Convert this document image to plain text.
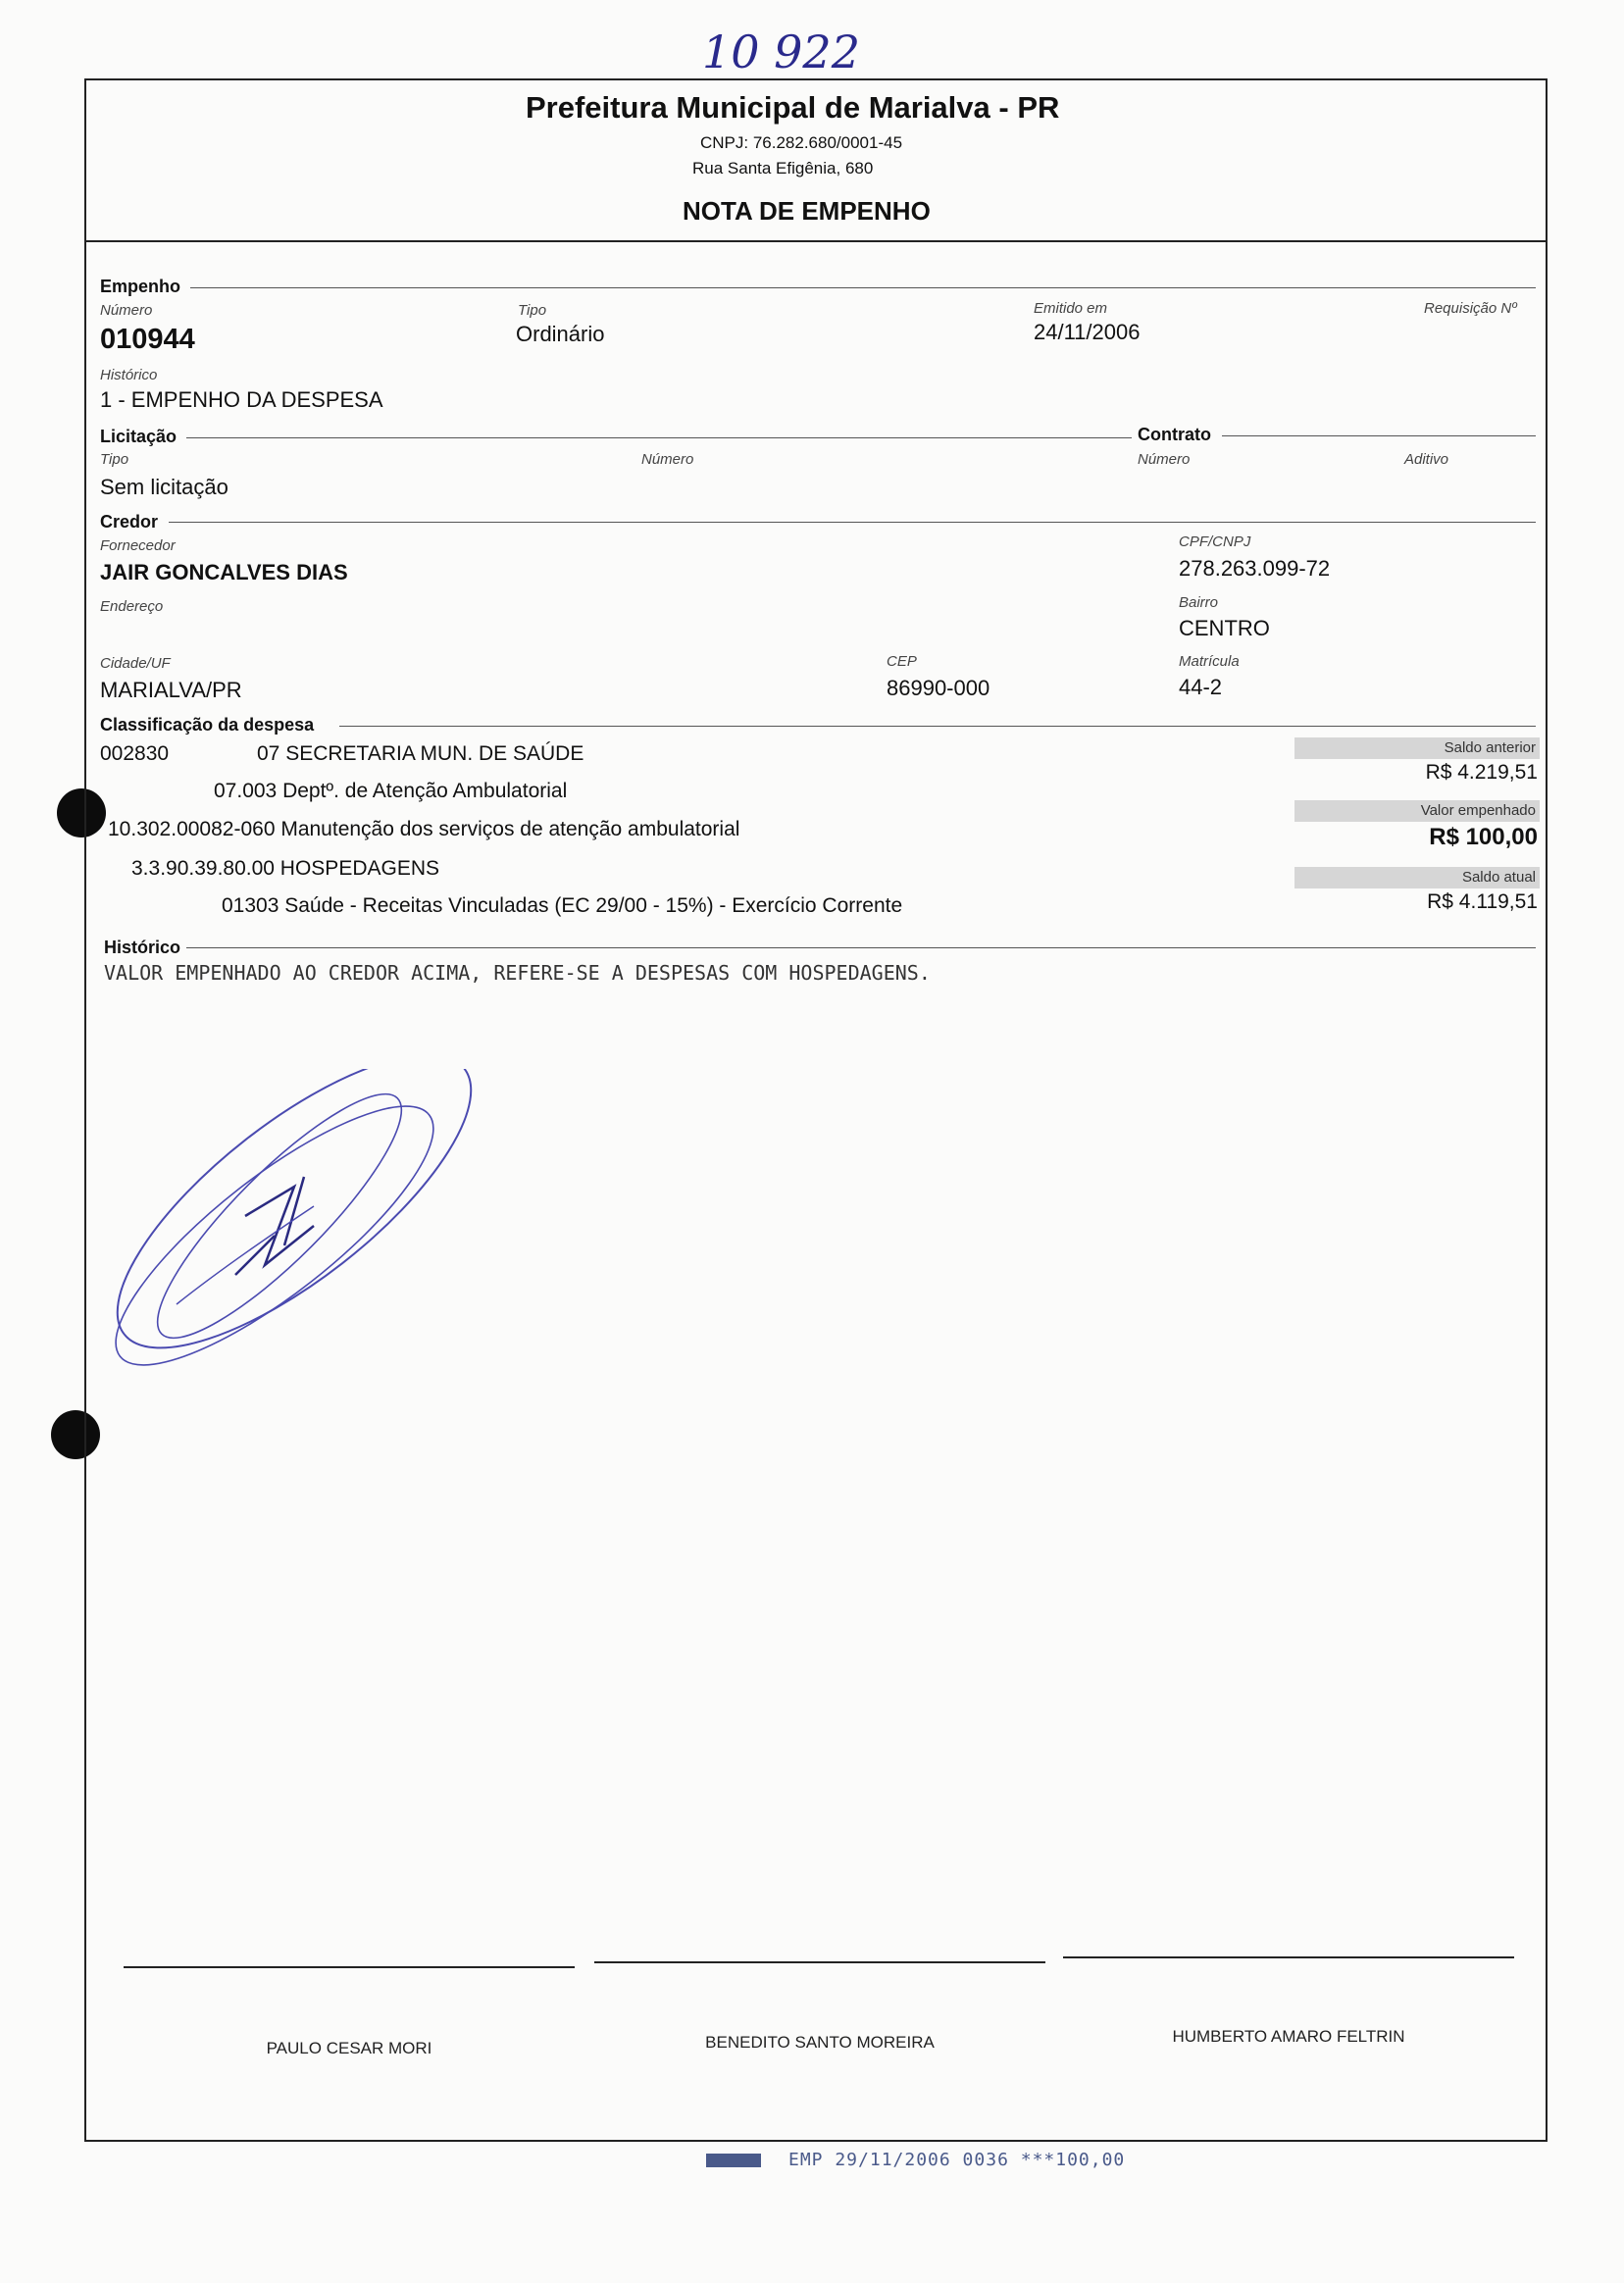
10 922
Prefeitura Municipal de Marialva - PR
CNPJ: 76.282.680/0001-45
Rua Santa Efigênia, 680
NOTA DE EMPENHO
Empenho
Número
010944
Tipo
Ordinário
Emitido em
24/11/2006
Requisição Nº
Histórico
1 - EMPENHO DA DESPESA
Licitação	Contrato
Tipo
Sem licitação
Número	Número	Aditivo
Credor
Fornecedor
JAIR GONCALVES DIAS
CPF/CNPJ
278.263.099-72
Endereço	Bairro
CENTRO
Cidade/UF
MARIALVA/PR
CEP
86990-000
Matrícula
44-2
Classificação da despesa
002830	07 SECRETARIA MUN. DE SAÚDE
07.003 Deptº. de Atenção Ambulatorial
10.302.00082-060 Manutenção dos serviços de atenção ambulatorial
3.3.90.39.80.00 HOSPEDAGENS
01303 Saúde - Receitas Vinculadas (EC 29/00 - 15%) - Exercício Corrente
Saldo anterior
R$ 4.219,51
Valor empenhado
R$ 100,00
Saldo atual
R$ 4.119,51
Histórico
VALOR EMPENHADO AO CREDOR ACIMA, REFERE-SE A DESPESAS COM HOSPEDAGENS.
PAULO CESAR MORI	BENEDITO SANTO MOREIRA	HUMBERTO AMARO FELTRIN
EMP 29/11/2006 0036 ***100,00
